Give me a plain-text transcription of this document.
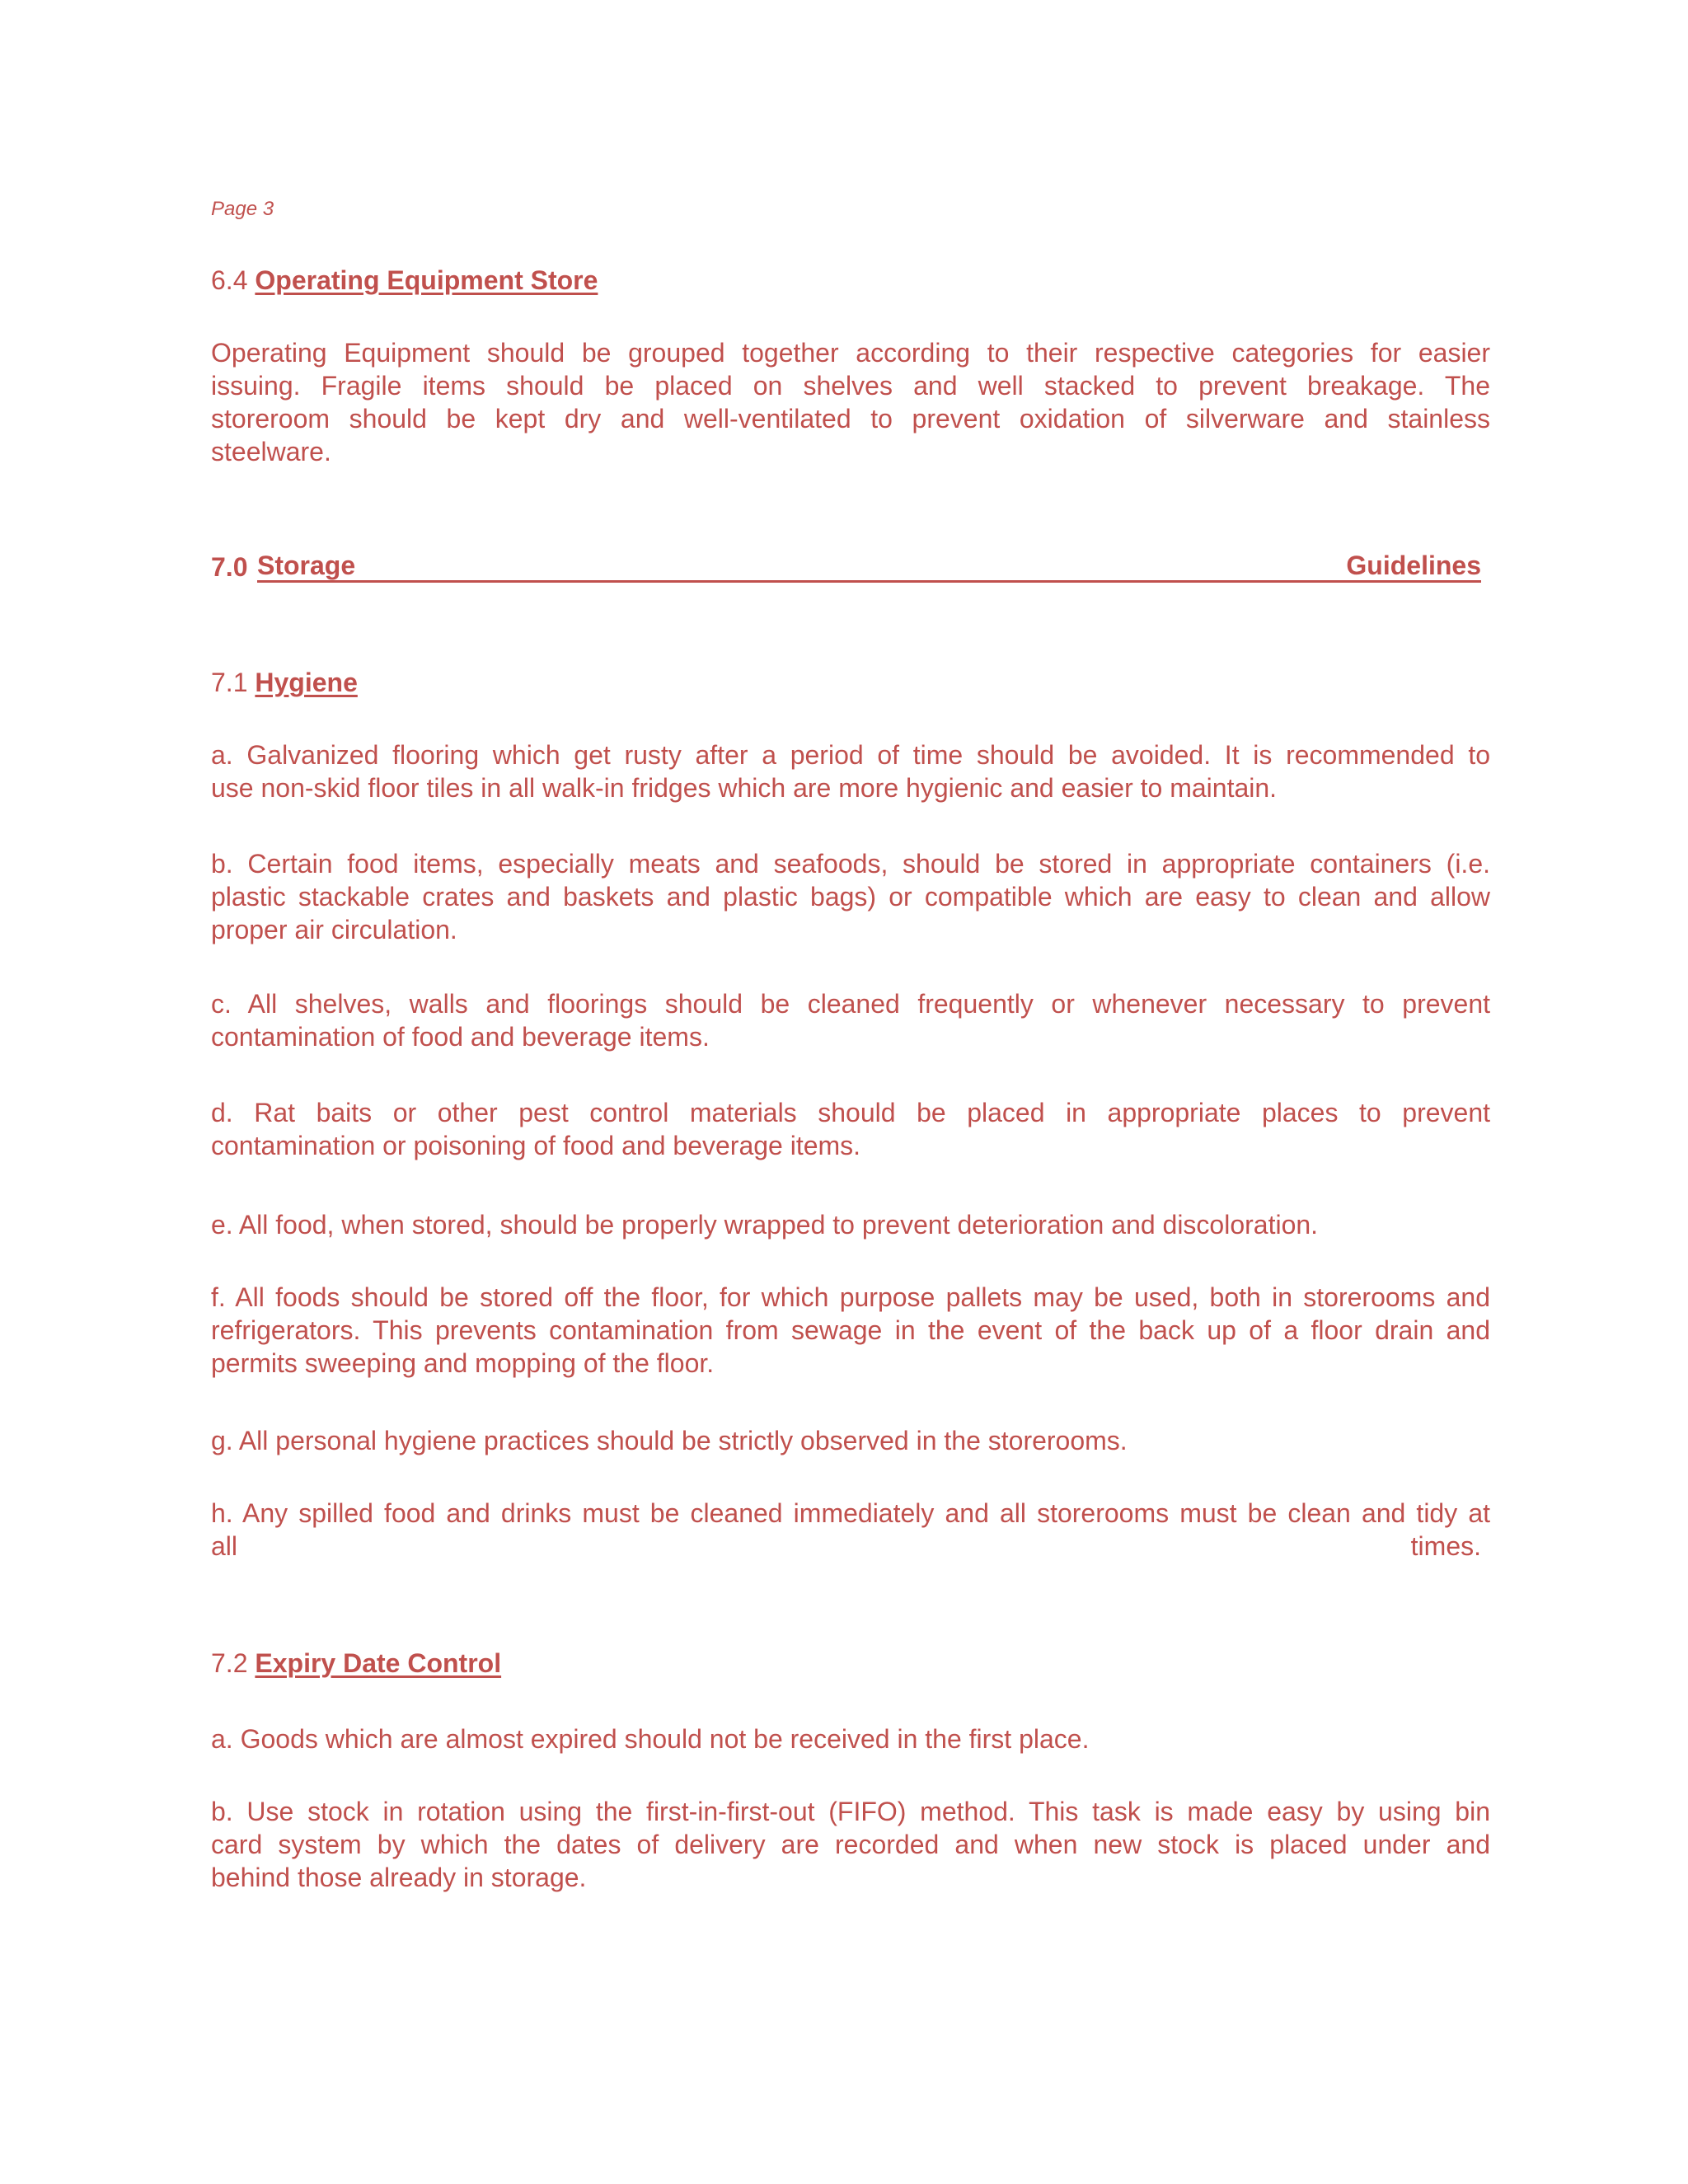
Page 3
6.4 Operating Equipment Store
Operating Equipment should be grouped together according to their respective categories for easier
issuing. Fragile items should be placed on shelves and well stacked to prevent breakage. The
storeroom should be kept dry and well-ventilated to prevent oxidation of silverware and stainless
steelware.
7.0 Storage	Guidelines
7.1 Hygiene
a. Galvanized flooring which get rusty after a period of time should be avoided. It is recommended to
use non-skid floor tiles in all walk-in fridges which are more hygienic and easier to maintain.
b. Certain food items, especially meats and seafoods, should be stored in appropriate containers (i.e.
plastic stackable crates and baskets and plastic bags) or compatible which are easy to clean and allow
proper air circulation.
c. All shelves, walls and floorings should be cleaned frequently or whenever necessary to prevent
contamination of food and beverage items.
d. Rat baits or other pest control materials should be placed in appropriate places to prevent
contamination or poisoning of food and beverage items.
e. All food, when stored, should be properly wrapped to prevent deterioration and discoloration.
f. All foods should be stored off the floor, for which purpose pallets may be used, both in storerooms and
refrigerators. This prevents contamination from sewage in the event of the back up of a floor drain and
permits sweeping and mopping of the floor.
g. All personal hygiene practices should be strictly observed in the storerooms.
h. Any spilled food and drinks must be cleaned immediately and all storerooms must be clean and tidy at
all times.
7.2 Expiry Date Control
a. Goods which are almost expired should not be received in the first place.
b. Use stock in rotation using the first-in-first-out (FIFO) method. This task is made easy by using bin
card system by which the dates of delivery are recorded and when new stock is placed under and
behind those already in storage.
